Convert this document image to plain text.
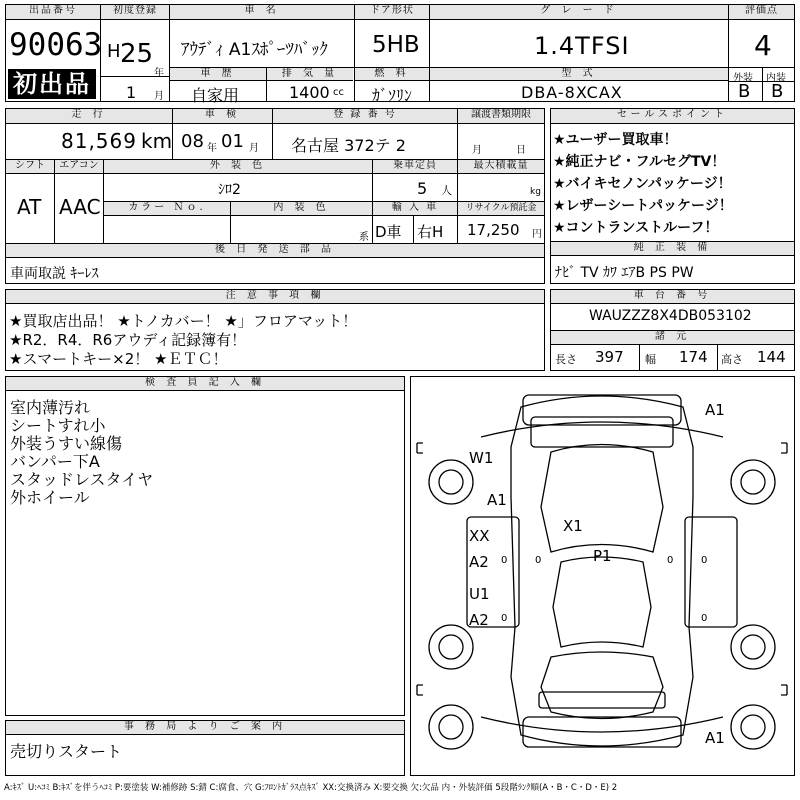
出品番号
90063
初出品
初度登録
H 25
年
1 月
車 名
ｱｳﾃﾞｨ A1ｽﾎﾟｰﾂﾊﾞｯｸ
ドア形状
5HB
グ レ ー ド
1.4TFSI
評価点
4
外装 内装
B B
車 歴	排 気 量	燃 料	型 式
自家用	1400 cc ｶﾞｿﾘﾝ	DBA-8XCAX
走 行
81,569 km
車 検
08 年 01 月
登 録 番 号
名古屋 372テ 2
譲渡書類期限
月	日
シフト	エアコン
AT AAC
外 装 色
ｼﾛ2
カラー Ｎｏ.	内 装 色
系
乗車定員
5 人
最大積載量
kg
輸 入 車
D車 右H
リサイクル預託金
17,250 円
後 日 発 送 部 品
車両取説 ｷｰﾚｽ
セールスポイント
★ユーザー買取車！
★純正ナビ・フルセグTV！
★バイキセノンパッケージ！
★レザーシートパッケージ！
★コントランストルーフ！
純 正 装 備
ﾅﾋﾞ TV ｶﾜ ｴｱB PS PW
注 意 事 項 欄
★買取店出品！ ★トノカバー！ ★」フロアマット！
★R2．R4．R6アウディ記録簿有！
★スマートキー×2！ ★ＥＴＣ！
車 台 番 号
WAUZZZ8X4DB053102
諸 元
長さ 397 幅 174 高さ 144
検 査 員 記 入 欄
室内薄汚れ
シートすれ小
外装うすい線傷
バンパー下A
スタッドレスタイヤ
外ホイール
事 務 局 よ り ご 案 内
売切りスタート
A1
W1
A1
X1
XX
A2	P1
U1
A2
A1
0	0
0	0
0	0
A:ｷｽﾞ U:ﾍｺﾐ B:ｷｽﾞを伴うﾍｺﾐ P:要塗装 W:補修跡 S:錆 C:腐食、穴 G:ﾌﾛﾝﾄｶﾞﾗｽ点ｷｽﾞ XX:交換済み X:要交換 欠:欠品 内・外装評価 5段階ﾗﾝｸ順(A・B・C・D・E) 2
